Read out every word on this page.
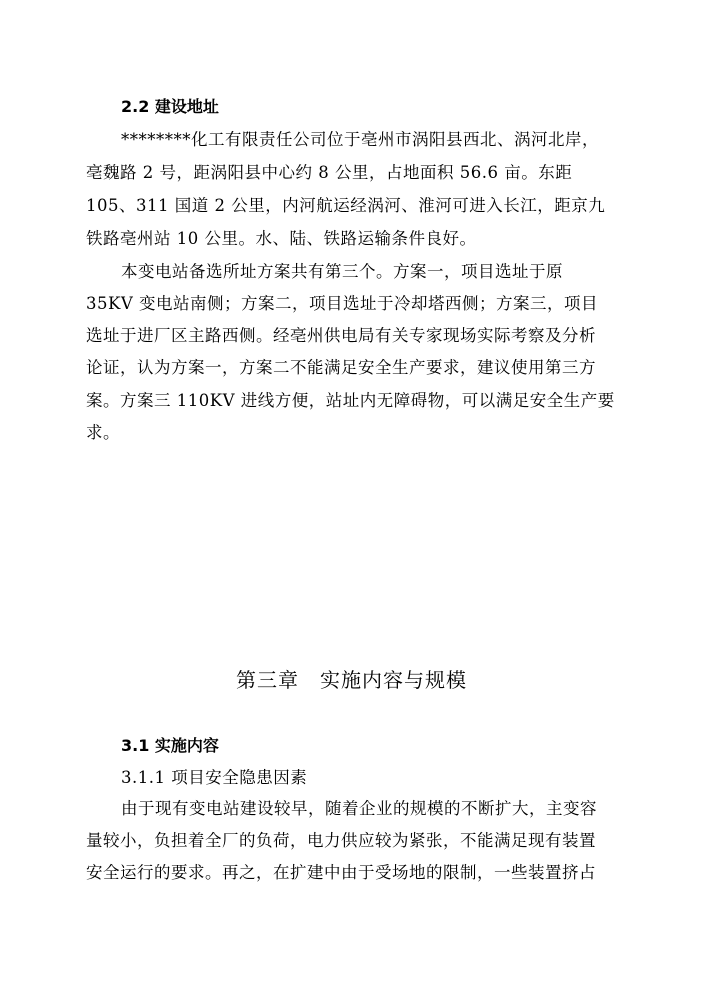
2.2 建设地址
********化工有限责任公司位于亳州市涡阳县西北、涡河北岸，
亳魏路 2 号，距涡阳县中心约 8 公里，占地面积 56.6 亩。东距
105、311 国道 2 公里，内河航运经涡河、淮河可进入长江，距京九
铁路亳州站 10 公里。水、陆、铁路运输条件良好。
本变电站备选所址方案共有第三个。方案一，项目选址于原
35KV 变电站南侧；方案二，项目选址于冷却塔西侧；方案三，项目
选址于进厂区主路西侧。经亳州供电局有关专家现场实际考察及分析
论证，认为方案一，方案二不能满足安全生产要求，建议使用第三方
案。方案三 110KV 进线方便，站址内无障碍物，可以满足安全生产要
求。
第三章　实施内容与规模
3.1 实施内容
3.1.1 项目安全隐患因素
由于现有变电站建设较早，随着企业的规模的不断扩大，主变容
量较小，负担着全厂的负荷，电力供应较为紧张，不能满足现有装置
安全运行的要求。再之，在扩建中由于受场地的限制，一些装置挤占
